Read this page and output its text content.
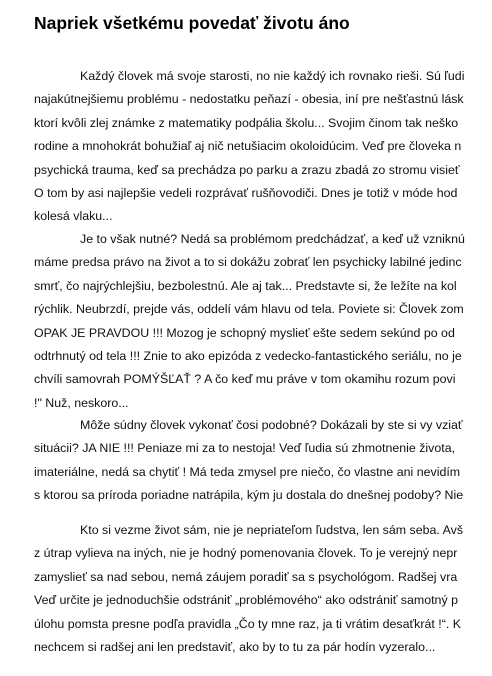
Napriek všetkému povedať životu áno
Každý človek má svoje starosti, no nie každý ich rovnako rieši. Sú ľudi
najakútnejšiemu problému - nedostatku peňazí - obesia, iní pre nešťastnú lásk
ktorí kvôli zlej známke z matematiky podpália školu... Svojim činom tak neško
rodine a mnohokrát bohužiaľ aj nič netušiacim okoloidúcim. Veď pre človeka n
psychická trauma, keď sa prechádza po parku a zrazu zbadá zo stromu visieť
O tom by asi najlepšie vedeli rozprávať rušňovodiči. Dnes je totiž v móde hod
kolesá vlaku...
Je to však nutné? Nedá sa problémom predchádzať, a keď už vzniknú
máme predsa právo na život a to si dokážu zobrať len psychicky labilné jedinc
smrť, čo najrýchlejšiu, bezbolestnú. Ale aj tak... Predstavte si, že ležíte na kol
rýchlik. Neubrzdí, prejde vás, oddelí vám hlavu od tela. Poviete si: Človek zom
OPAK JE PRAVDOU !!! Mozog je schopný myslieť ešte sedem sekúnd po od
odtrhnutý od tela !!! Znie to ako epizóda z vedecko-fantastického seriálu, no je
chvíli samovrah POMÝŠĽAŤ ? A čo keď mu práve v tom okamihu rozum povi
!" Nuž, neskoro...
Môže súdny človek vykonať čosi podobné? Dokázali by ste si vy vziať
situácii? JA NIE !!! Peniaze mi za to nestoja! Veď ľudia sú zhmotnenie života,
imateriálne, nedá sa chytiť ! Má teda zmysel pre niečo, čo vlastne ani nevidím
s ktorou sa príroda poriadne natrápila, kým ju dostala do dnešnej podoby? Nie
Kto si vezme život sám, nie je nepriateľom ľudstva, len sám seba. Avš
z útrap vylieva na iných, nie je hodný pomenovania človek. To je verejný nepr
zamyslieť sa nad sebou, nemá záujem poradiť sa s psychológom. Radšej vra
Veď určite je jednoduchšie odstrániť „problémového“ ako odstrániť samotný p
úlohu pomsta presne podľa pravidla „Čo ty mne raz, ja ti vrátim desaťkrát !“. K
nechcem si radšej ani len predstaviť, ako by to tu za pár hodín vyzeralo...
